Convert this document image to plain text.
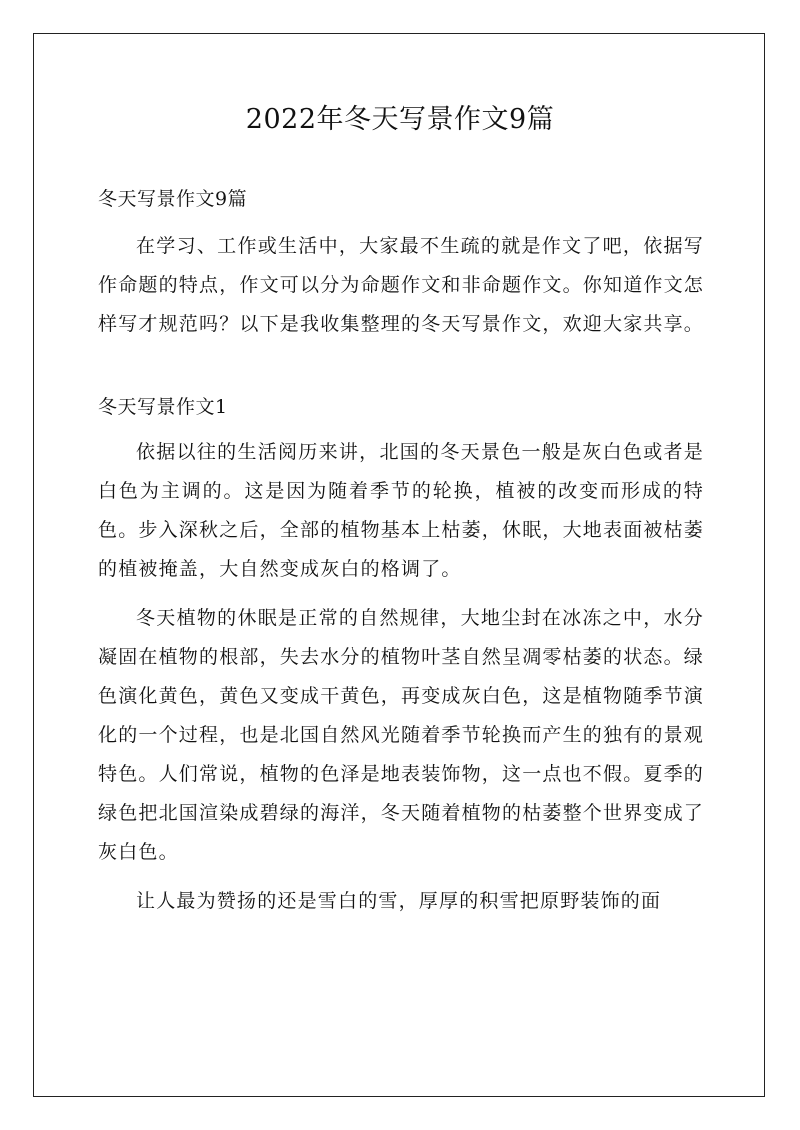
2022年冬天写景作文9篇

冬天写景作文9篇

在学习、工作或生活中，大家最不生疏的就是作文了吧，依据写作命题的特点，作文可以分为命题作文和非命题作文。你知道作文怎样写才规范吗？以下是我收集整理的冬天写景作文，欢迎大家共享。

冬天写景作文1

依据以往的生活阅历来讲，北国的冬天景色一般是灰白色或者是白色为主调的。这是因为随着季节的轮换，植被的改变而形成的特色。步入深秋之后，全部的植物基本上枯萎，休眠，大地表面被枯萎的植被掩盖，大自然变成灰白的格调了。

冬天植物的休眠是正常的自然规律，大地尘封在冰冻之中，水分凝固在植物的根部，失去水分的植物叶茎自然呈凋零枯萎的状态。绿色演化黄色，黄色又变成干黄色，再变成灰白色，这是植物随季节演化的一个过程，也是北国自然风光随着季节轮换而产生的独有的景观特色。人们常说，植物的色泽是地表装饰物，这一点也不假。夏季的绿色把北国渲染成碧绿的海洋，冬天随着植物的枯萎整个世界变成了灰白色。

让人最为赞扬的还是雪白的雪，厚厚的积雪把原野装饰的面
